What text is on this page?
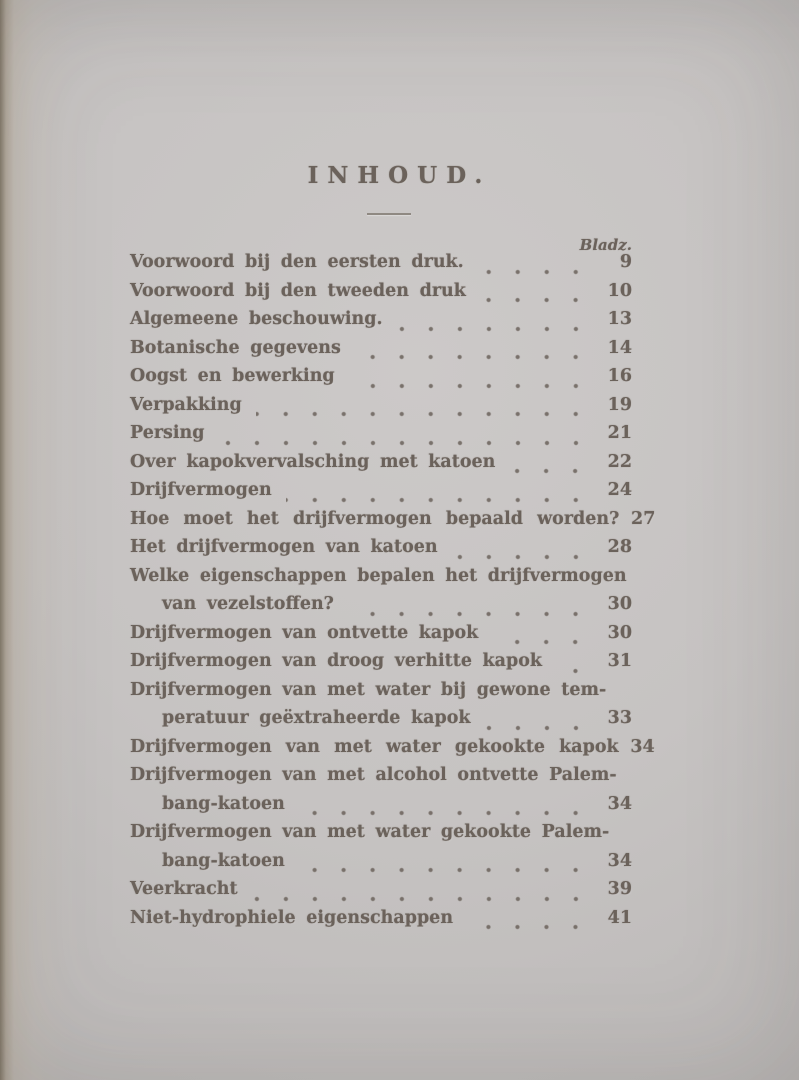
INHOUD.
Bladz.
Voorwoord bij den eersten druk.	9
Voorwoord bij den tweeden druk	10
Algemeene beschouwing.	13
Botanische gegevens	14
Oogst en bewerking	16
Verpakking	19
Persing	21
Over kapokvervalsching met katoen	22
Drijfvermogen	24
Hoe moet het drijfvermogen bepaald worden? 27
Het drijfvermogen van katoen	28
Welke eigenschappen bepalen het drijfvermogen
van vezelstoffen?	30
Drijfvermogen van ontvette kapok	30
Drijfvermogen van droog verhitte kapok	31
Drijfvermogen van met water bij gewone tem-
peratuur geëxtraheerde kapok	33
Drijfvermogen van met water gekookte kapok 34
Drijfvermogen van met alcohol ontvette Palem-
bang-katoen	34
Drijfvermogen van met water gekookte Palem-
bang-katoen	34
Veerkracht	39
Niet-hydrophiele eigenschappen	41
